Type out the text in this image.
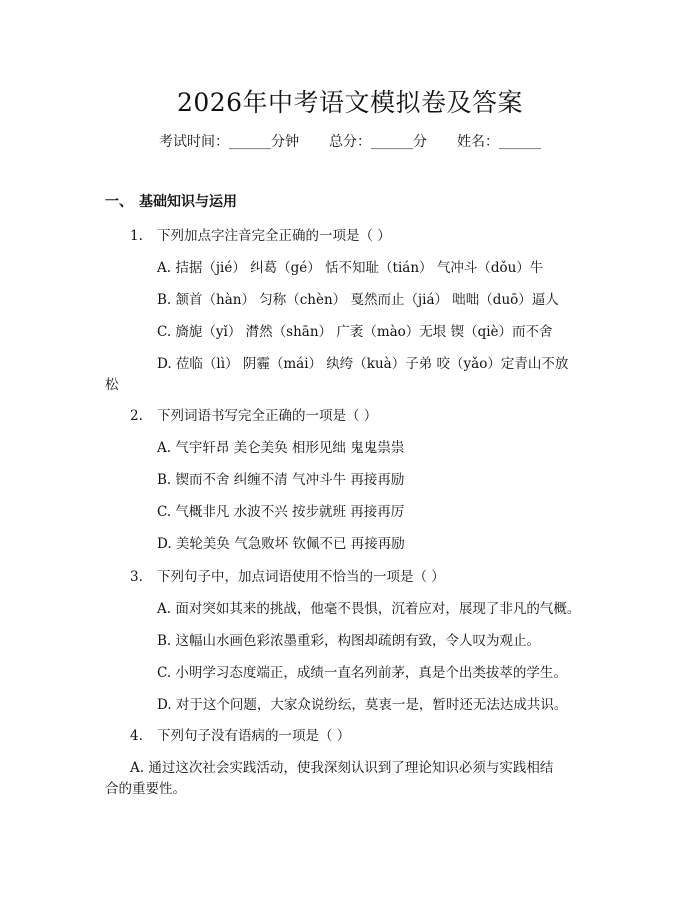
2026年中考语文模拟卷及答案
考试时间：______分钟 总分：______分 姓名：______
一、 基础知识与运用
1. 下列加点字注音完全正确的一项是（ ）
A. 拮据（jié） 纠葛（gé） 恬不知耻（tián） 气冲斗（dǒu）牛
B. 颔首（hàn） 匀称（chèn） 戛然而止（jiá） 咄咄（duō）逼人
C. 旖旎（yǐ） 潸然（shān） 广袤（mào）无垠 锲（qiè）而不舍
D. 莅临（lì） 阴霾（mái） 纨绔（kuà）子弟 咬（yǎo）定青山不放
松
2. 下列词语书写完全正确的一项是（ ）
A. 气宇轩昂 美仑美奂 相形见绌 鬼鬼祟祟
B. 锲而不舍 纠缠不清 气冲斗牛 再接再励
C. 气概非凡 水波不兴 按步就班 再接再厉
D. 美轮美奂 气急败坏 钦佩不已 再接再励
3. 下列句子中，加点词语使用不恰当的一项是（ ）
A. 面对突如其来的挑战，他毫不畏惧，沉着应对，展现了非凡的气概。
B. 这幅山水画色彩浓墨重彩，构图却疏朗有致，令人叹为观止。
C. 小明学习态度端正，成绩一直名列前茅，真是个出类拔萃的学生。
D. 对于这个问题，大家众说纷纭，莫衷一是，暂时还无法达成共识。
4. 下列句子没有语病的一项是（ ）
A. 通过这次社会实践活动，使我深刻认识到了理论知识必须与实践相结
合的重要性。
